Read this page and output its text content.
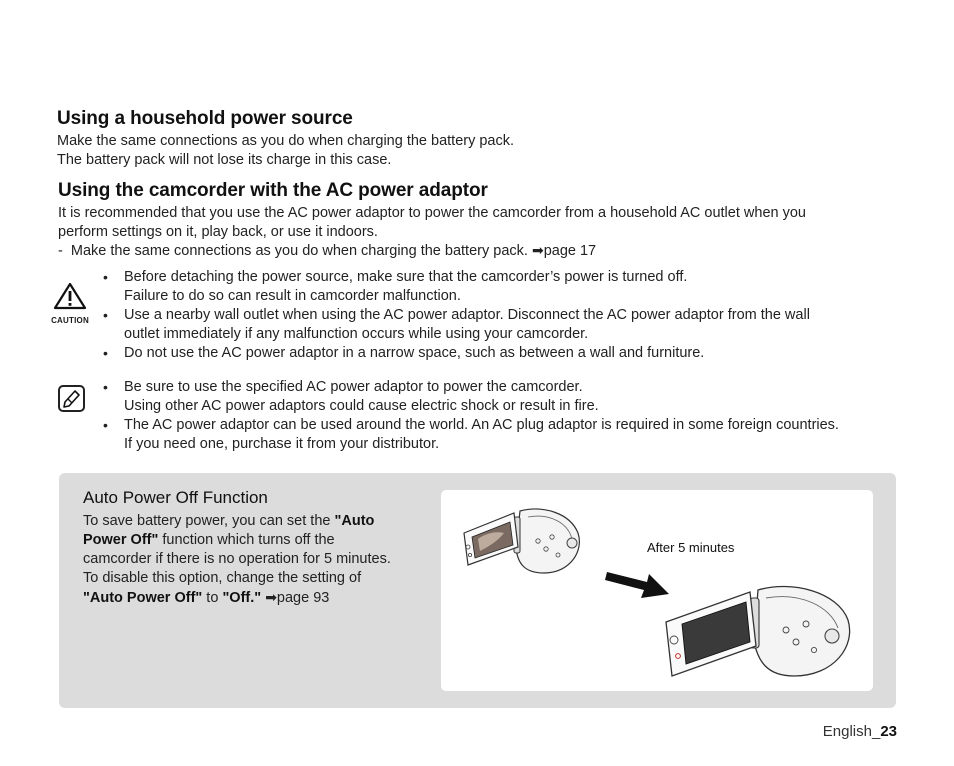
Using a household power source
Make the same connections as you do when charging the battery pack.
The battery pack will not lose its charge in this case.
Using the camcorder with the AC power adaptor
It is recommended that you use the AC power adaptor to power the camcorder from a household AC outlet when you
perform settings on it, play back, or use it indoors.
-  Make the same connections as you do when charging the battery pack. ➡page 17
CAUTION
• Before detaching the power source, make sure that the camcorder’s power is turned off.
Failure to do so can result in camcorder malfunction.
• Use a nearby wall outlet when using the AC power adaptor. Disconnect the AC power adaptor from the wall
outlet immediately if any malfunction occurs while using your camcorder.
• Do not use the AC power adaptor in a narrow space, such as between a wall and furniture.
• Be sure to use the specified AC power adaptor to power the camcorder.
Using other AC power adaptors could cause electric shock or result in fire.
• The AC power adaptor can be used around the world. An AC plug adaptor is required in some foreign countries.
If you need one, purchase it from your distributor.
Auto Power Off Function
To save battery power, you can set the "Auto
Power Off" function which turns off the
camcorder if there is no operation for 5 minutes.
To disable this option, change the setting of
"Auto Power Off" to "Off." ➡page 93
After 5 minutes
English_23
